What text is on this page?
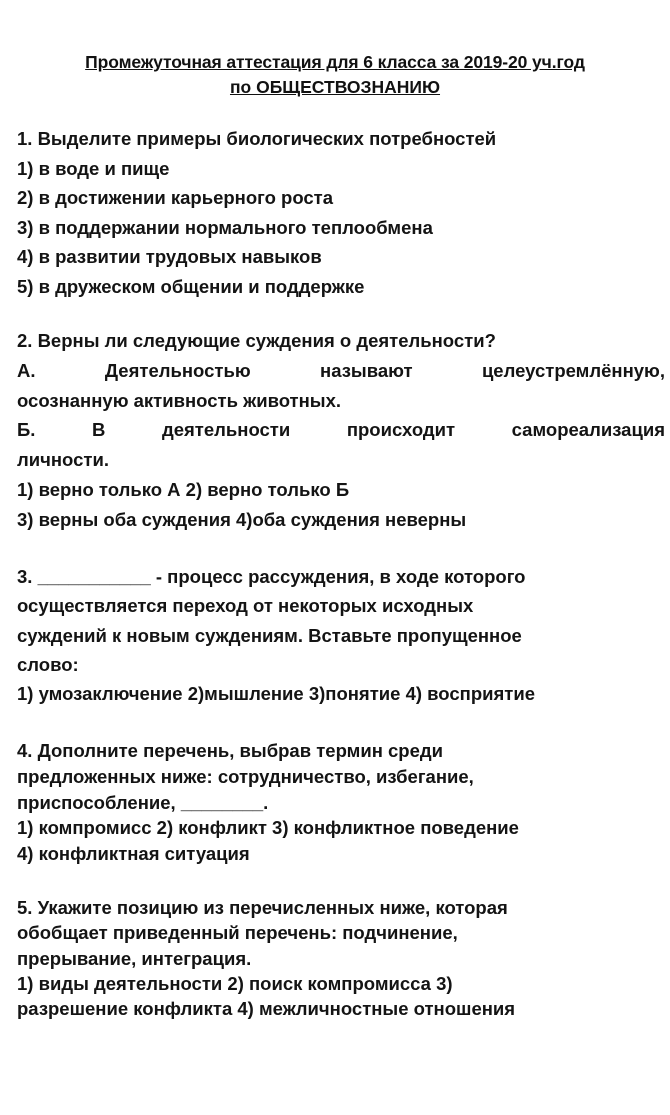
Промежуточная аттестация для 6 класса за 2019-20 уч.год
по ОБЩЕСТВОЗНАНИЮ
1. Выделите примеры биологических потребностей
1) в воде и пище
2) в достижении карьерного роста
3) в поддержании нормального теплообмена
4) в развитии трудовых навыков
5) в дружеском общении и поддержке
2. Верны ли следующие суждения о деятельности?
А.	Деятельностью	называют	целеустремлённую,
осознанную активность животных.
Б.	В	деятельности	происходит	самореализация
личности.
1) верно только А 2) верно только Б
3) верны оба суждения 4)оба суждения неверны
3. ___________ - процесс рассуждения, в ходе которого
осуществляется переход от некоторых исходных
суждений к новым суждениям. Вставьте пропущенное
слово:
1) умозаключение 2)мышление 3)понятие 4) восприятие
4. Дополните перечень, выбрав термин среди
предложенных ниже: сотрудничество, избегание,
приспособление, ________.
1) компромисс 2) конфликт 3) конфликтное поведение
4) конфликтная ситуация
5. Укажите позицию из перечисленных ниже, которая
обобщает приведенный перечень: подчинение,
прерывание, интеграция.
1) виды деятельности 2) поиск компромисса 3)
разрешение конфликта 4) межличностные отношения
